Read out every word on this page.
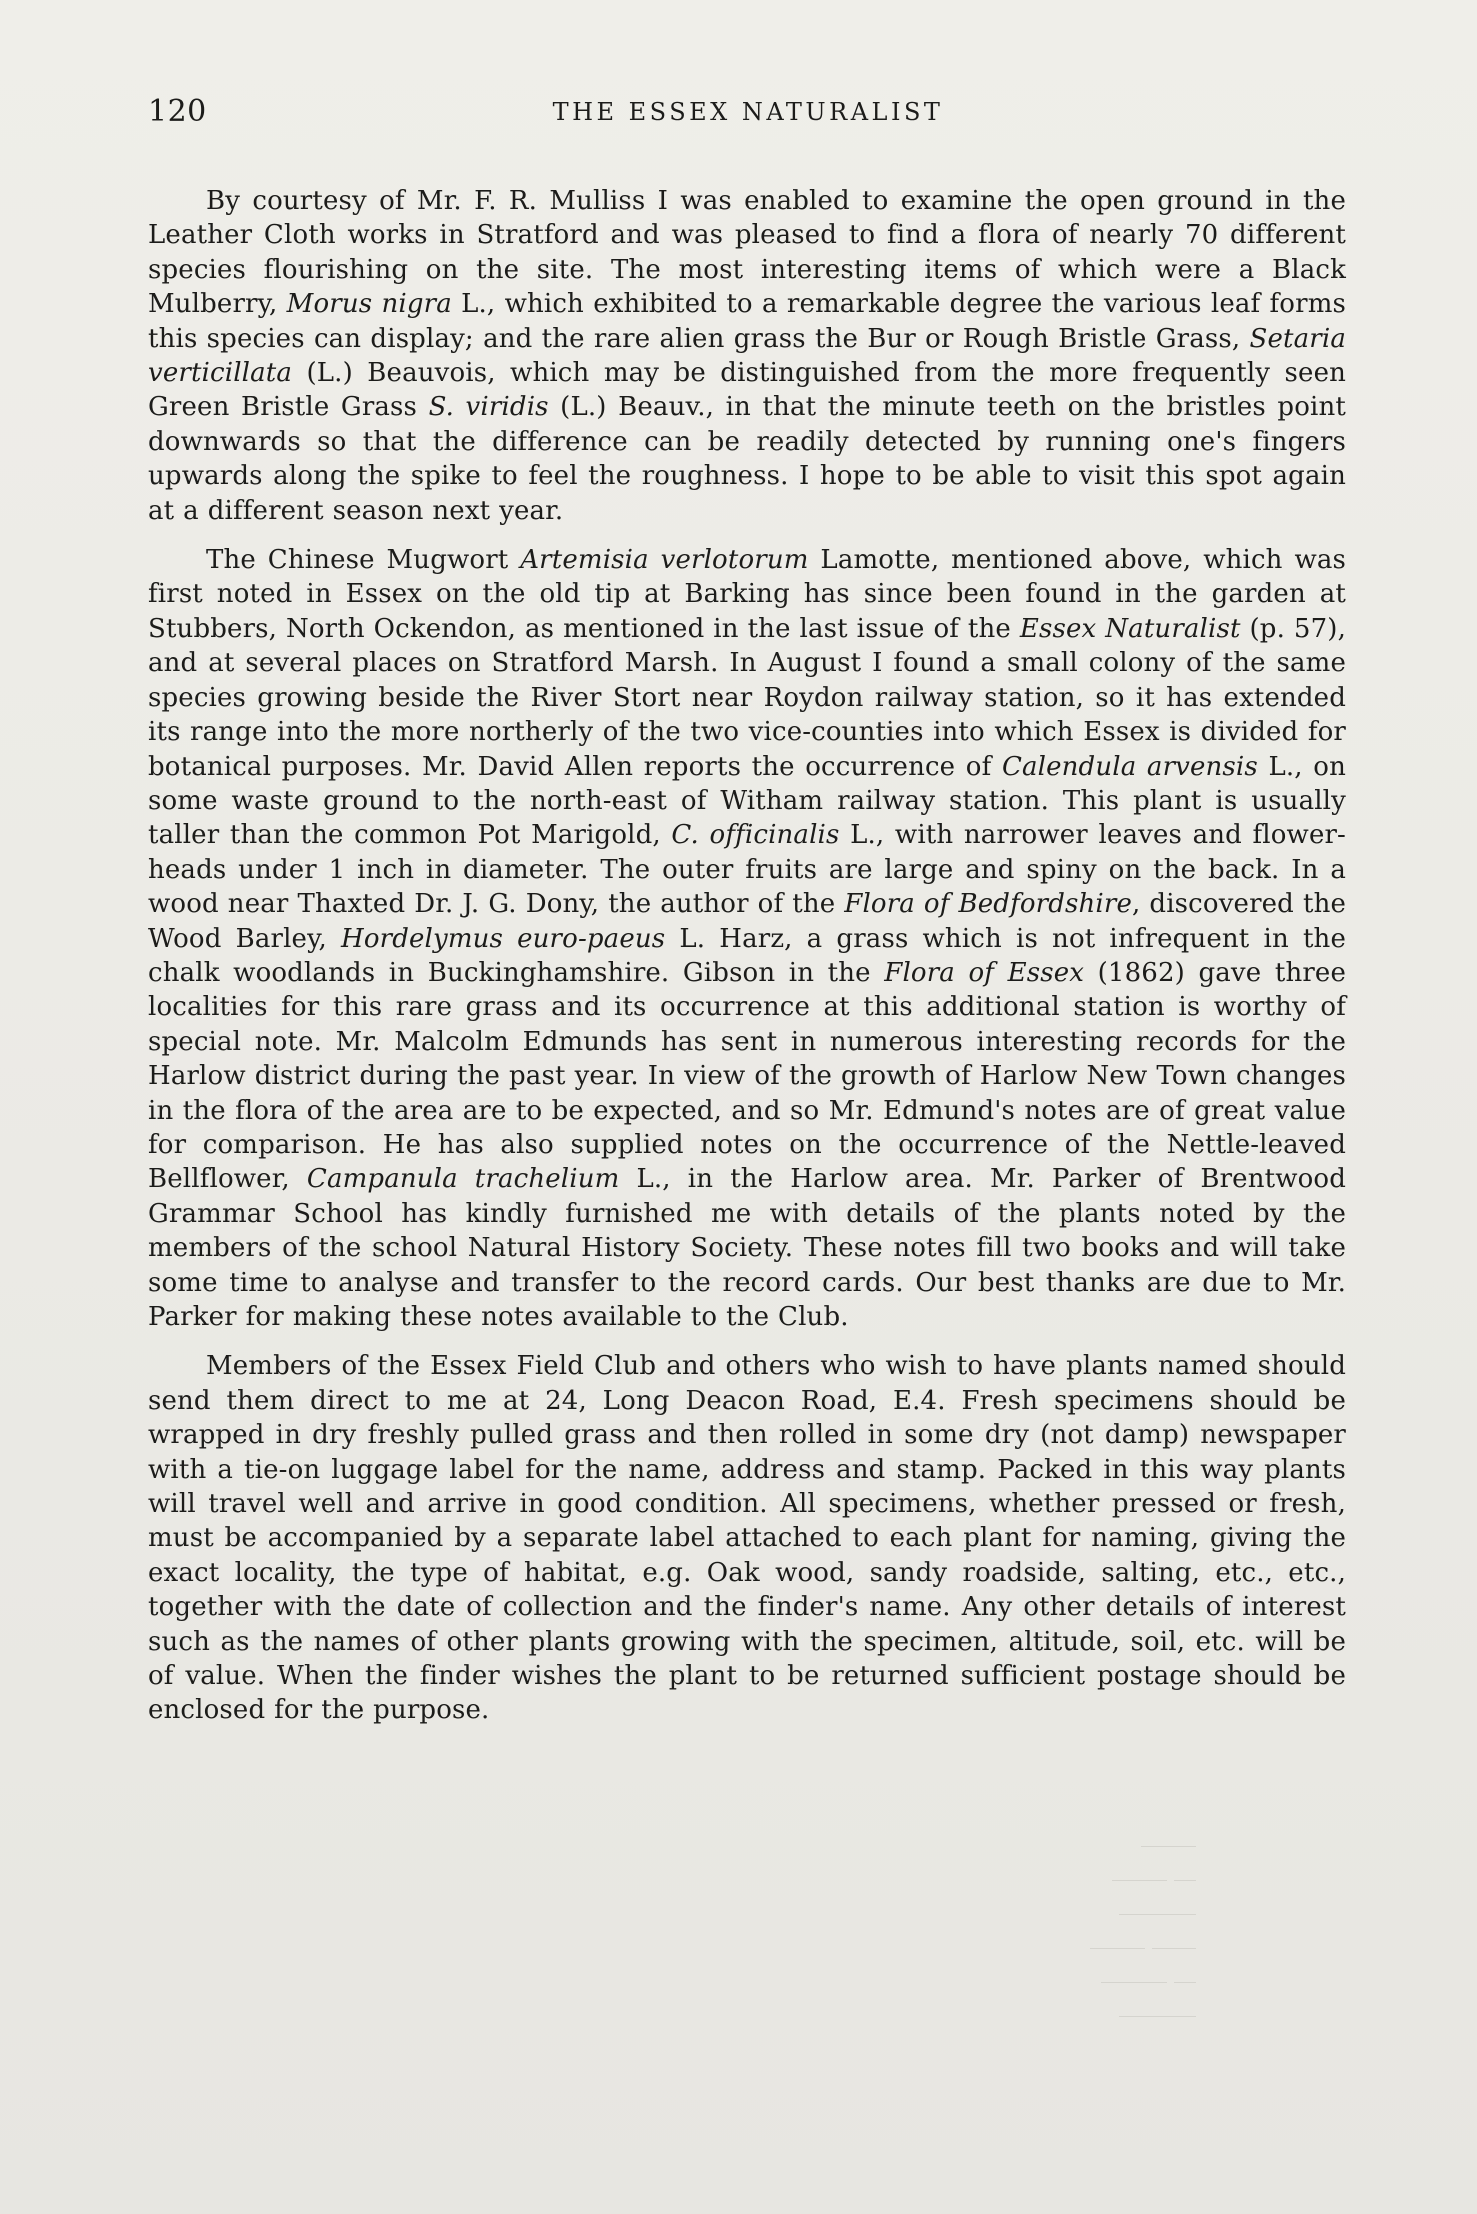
‾‾‾‾‾
‾‾‾‾‾ ‾‾
‾‾‾‾‾‾‾
‾‾‾‾‾ ‾‾‾‾
‾‾‾‾‾‾ ‾‾
‾‾‾‾‾‾‾
120	THE ESSEX NATURALIST

By courtesy of Mr. F. R. Mulliss I was enabled to examine the open ground in the Leather Cloth works in Stratford and was pleased to find a flora of nearly 70 different species flourishing on the site. The most interesting items of which were a Black Mulberry, Morus nigra L., which exhibited to a remarkable degree the various leaf forms this species can display; and the rare alien grass the Bur or Rough Bristle Grass, Setaria verticillata (L.) Beauvois, which may be distinguished from the more frequently seen Green Bristle Grass S. viridis (L.) Beauv., in that the minute teeth on the bristles point downwards so that the difference can be readily detected by running one's fingers upwards along the spike to feel the roughness. I hope to be able to visit this spot again at a different season next year.

The Chinese Mugwort Artemisia verlotorum Lamotte, mentioned above, which was first noted in Essex on the old tip at Barking has since been found in the garden at Stubbers, North Ockendon, as mentioned in the last issue of the Essex Naturalist (p. 57), and at several places on Stratford Marsh. In August I found a small colony of the same species growing beside the River Stort near Roydon railway station, so it has extended its range into the more northerly of the two vice-counties into which Essex is divided for botanical purposes. Mr. David Allen reports the occurrence of Calendula arvensis L., on some waste ground to the north-east of Witham railway station. This plant is usually taller than the common Pot Marigold, C. officinalis L., with narrower leaves and flower-heads under 1 inch in diameter. The outer fruits are large and spiny on the back. In a wood near Thaxted Dr. J. G. Dony, the author of the Flora of Bedfordshire, discovered the Wood Barley, Hordelymus euro-paeus L. Harz, a grass which is not infrequent in the chalk woodlands in Buckinghamshire. Gibson in the Flora of Essex (1862) gave three localities for this rare grass and its occurrence at this additional station is worthy of special note. Mr. Malcolm Edmunds has sent in numerous interesting records for the Harlow district during the past year. In view of the growth of Harlow New Town changes in the flora of the area are to be expected, and so Mr. Edmund's notes are of great value for comparison. He has also supplied notes on the occurrence of the Nettle-leaved Bellflower, Campanula trachelium L., in the Harlow area. Mr. Parker of Brentwood Grammar School has kindly furnished me with details of the plants noted by the members of the school Natural History Society. These notes fill two books and will take some time to analyse and transfer to the record cards. Our best thanks are due to Mr. Parker for making these notes available to the Club.

Members of the Essex Field Club and others who wish to have plants named should send them direct to me at 24, Long Deacon Road, E.4. Fresh specimens should be wrapped in dry freshly pulled grass and then rolled in some dry (not damp) newspaper with a tie-on luggage label for the name, address and stamp. Packed in this way plants will travel well and arrive in good condition. All specimens, whether pressed or fresh, must be accompanied by a separate label attached to each plant for naming, giving the exact locality, the type of habitat, e.g. Oak wood, sandy roadside, salting, etc., etc., together with the date of collection and the finder's name. Any other details of interest such as the names of other plants growing with the specimen, altitude, soil, etc. will be of value. When the finder wishes the plant to be returned sufficient postage should be enclosed for the purpose.
